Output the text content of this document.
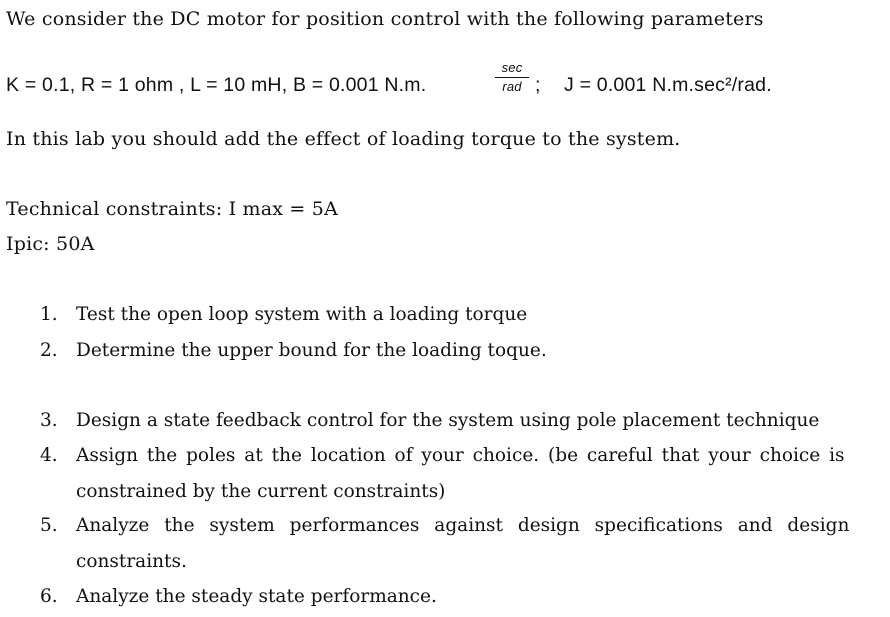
We consider the DC motor for position control with the following parameters
K = 0.1, R = 1 ohm , L = 10 mH, B = 0.001 N.m.
sec
rad ; J = 0.001 N.m.sec²/rad.
In this lab you should add the effect of loading torque to the system.
Technical constraints: I max = 5A
Ipic: 50A
1. Test the open loop system with a loading torque
2. Determine the upper bound for the loading toque.
3. Design a state feedback control for the system using pole placement technique
4. Assign the poles at the location of your choice. (be careful that your choice is
constrained by the current constraints)
5. Analyze the system performances against design specifications and design
constraints.
6. Analyze the steady state performance.
